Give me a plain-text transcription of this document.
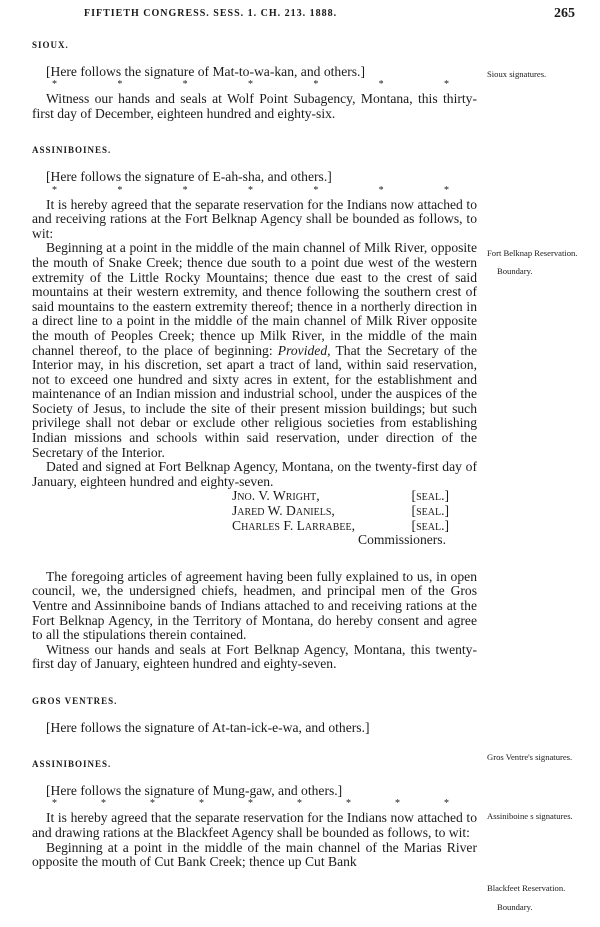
FIFTIETH CONGRESS. SESS. 1. CH. 213. 1888.	265

SIOUX.

[Here follows the signature of Mat-to-wa-kan, and others.]

*	*	*	*	*	*	*

Witness our hands and seals at Wolf Point Subagency, Montana, this thirty-first day of December, eighteen hundred and eighty-six.

ASSINIBOINES.

[Here follows the signature of E-ah-sha, and others.]

*	*	*	*	*	*	*

It is hereby agreed that the separate reservation for the Indians now attached to and receiving rations at the Fort Belknap Agency shall be bounded as follows, to wit:

Beginning at a point in the middle of the main channel of Milk River, opposite the mouth of Snake Creek; thence due south to a point due west of the western extremity of the Little Rocky Mountains; thence due east to the crest of said mountains at their western extremity, and thence following the southern crest of said mountains to the eastern extremity thereof; thence in a northerly direction in a direct line to a point in the middle of the main channel of Milk River opposite the mouth of Peoples Creek; thence up Milk River, in the middle of the main channel thereof, to the place of beginning: Provided, That the Secretary of the Interior may, in his discretion, set apart a tract of land, within said reservation, not to exceed one hundred and sixty acres in extent, for the establishment and maintenance of an Indian mission and industrial school, under the auspices of the Society of Jesus, to include the site of their present mission buildings; but such privilege shall not debar or exclude other religious societies from establishing Indian missions and schools within said reservation, under direction of the Secretary of the Interior.

Dated and signed at Fort Belknap Agency, Montana, on the twenty-first day of January, eighteen hundred and eighty-seven.

Jno. V. Wright,	[seal.]
Jared W. Daniels,	[seal.]
Charles F. Larrabee,	[seal.]
Commissioners.

The foregoing articles of agreement having been fully explained to us, in open council, we, the undersigned chiefs, headmen, and principal men of the Gros Ventre and Assinniboine bands of Indians attached to and receiving rations at the Fort Belknap Agency, in the Territory of Montana, do hereby consent and agree to all the stipulations therein contained.

Witness our hands and seals at Fort Belknap Agency, Montana, this twenty-first day of January, eighteen hundred and eighty-seven.

GROS VENTRES.

[Here follows the signature of At-tan-ick-e-wa, and others.]

ASSINIBOINES.

[Here follows the signature of Mung-gaw, and others.]

*	*	*	*	*	*	*	*	*

It is hereby agreed that the separate reservation for the Indians now attached to and drawing rations at the Blackfeet Agency shall be bounded as follows, to wit:

Beginning at a point in the middle of the main channel of the Marias River opposite the mouth of Cut Bank Creek; thence up Cut Bank

Sioux signatures.
Fort Belknap Reservation.
Boundary.
Gros Ventre's signatures.
Assiniboine s signatures.
Blackfeet Reservation.
Boundary.
